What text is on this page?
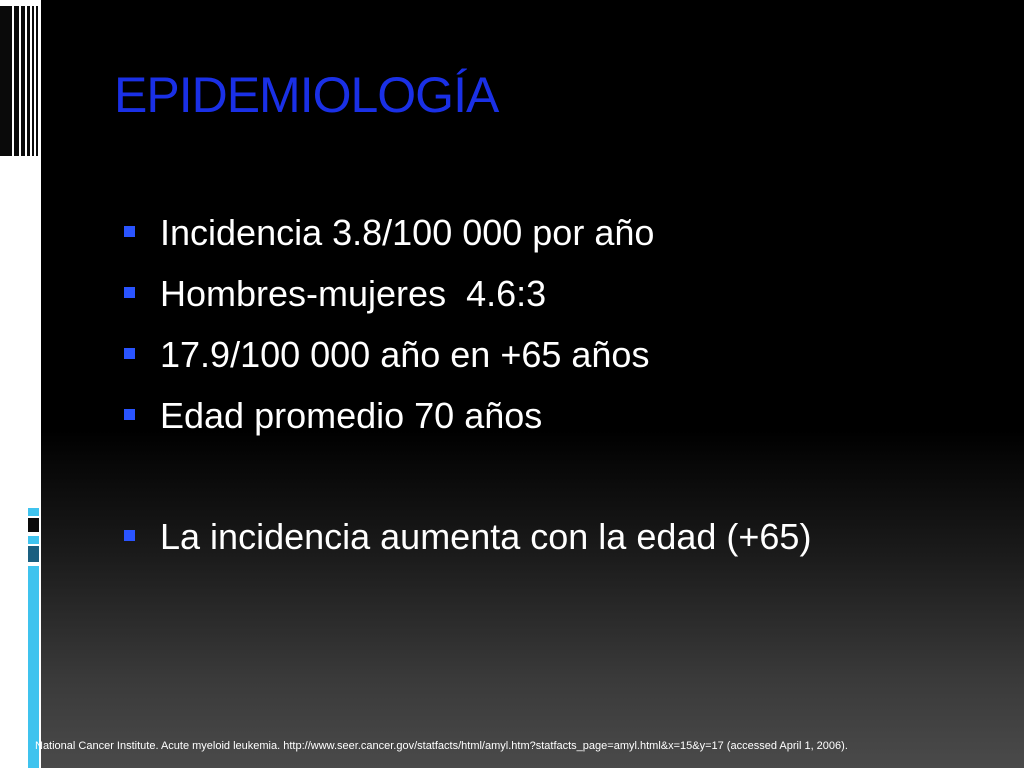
EPIDEMIOLOGÍA
Incidencia 3.8/100 000 por año
Hombres-mujeres  4.6:3
17.9/100 000 año en +65 años
Edad promedio 70 años
La incidencia aumenta con la edad (+65)
National Cancer Institute. Acute myeloid leukemia. http://www.seer.cancer.gov/statfacts/html/amyl.htm?statfacts_page=amyl.html&x=15&y=17 (accessed April 1, 2006).
